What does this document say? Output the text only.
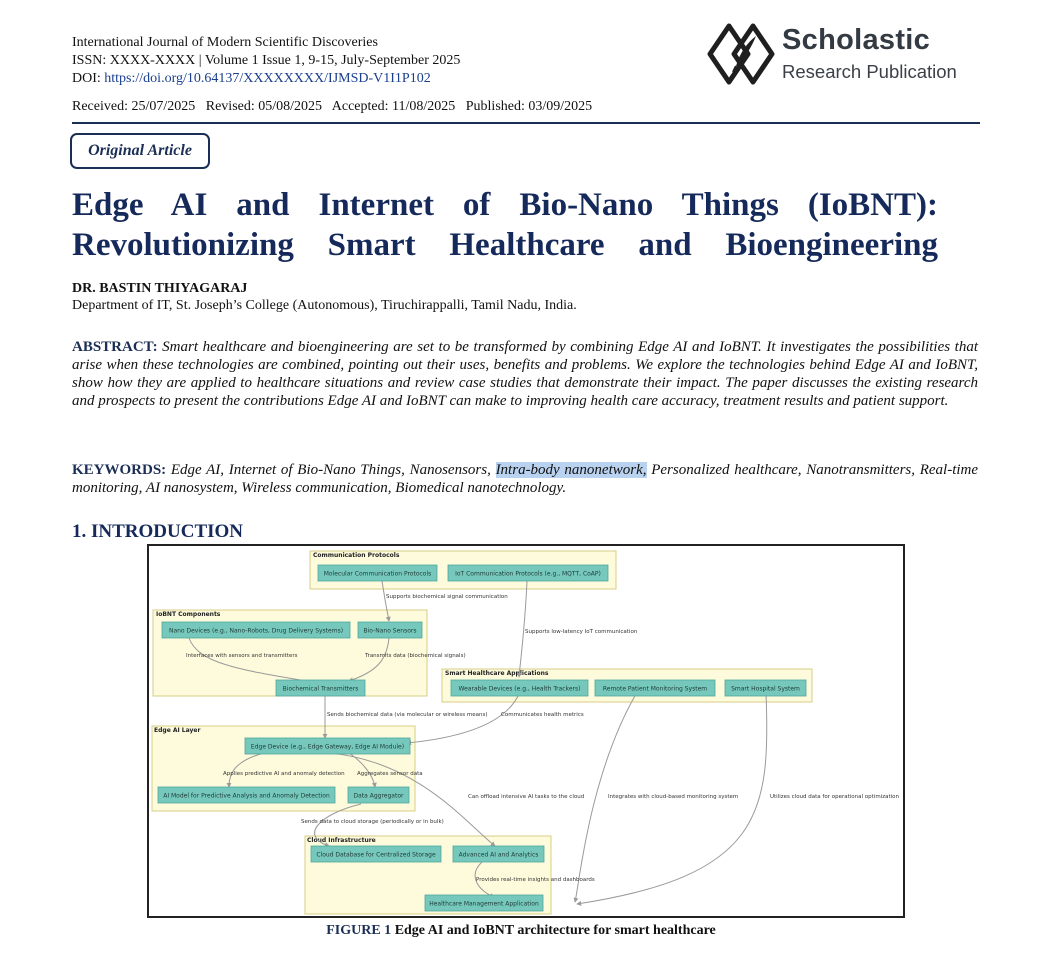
International Journal of Modern Scientific Discoveries
ISSN: XXXX-XXXX | Volume 1 Issue 1, 9-15, July-September 2025
DOI: https://doi.org/10.64137/XXXXXXXX/IJMSD-V1I1P102
Received: 25/07/2025   Revised: 05/08/2025   Accepted: 11/08/2025   Published: 03/09/2025
Scholastic
Research Publication
Original Article
Edge AI and Internet of Bio-Nano Things (IoBNT):
Revolutionizing Smart Healthcare and Bioengineering
DR. BASTIN THIYAGARAJ
Department of IT, St. Joseph’s College (Autonomous), Tiruchirappalli, Tamil Nadu, India.
ABSTRACT: Smart healthcare and bioengineering are set to be transformed by combining Edge AI and IoBNT. It investigates the possibilities that arise when these technologies are combined, pointing out their uses, benefits and problems. We explore the technologies behind Edge AI and IoBNT, show how they are applied to healthcare situations and review case studies that demonstrate their impact. The paper discusses the existing research and prospects to present the contributions Edge AI and IoBNT can make to improving health care accuracy, treatment results and patient support.
KEYWORDS: Edge AI, Internet of Bio-Nano Things, Nanosensors, Intra-body nanonetwork, Personalized healthcare, Nanotransmitters, Real-time monitoring, AI nanosystem, Wireless communication, Biomedical nanotechnology.
1. INTRODUCTION
Communication Protocols
IoBNT Components
Smart Healthcare Applications
Edge AI Layer
Cloud Infrastructure
Supports biochemical signal communication
Supports low-latency IoT communication
Interfaces with sensors and transmitters	Transmits data (biochemical signals)
Sends biochemical data (via molecular or wireless means) Communicates health metrics
Applies predictive AI and anomaly detection Aggregates sensor data
Can offload intensive AI tasks to the cloud	Integrates with cloud-based monitoring system	Utilizes cloud data for operational optimization
Sends data to cloud storage (periodically or in bulk)
Provides real-time insights and dashboards
Molecular Communication Protocols	IoT Communication Protocols (e.g., MQTT, CoAP)
Nano Devices (e.g., Nano-Robots, Drug Delivery Systems)	Bio-Nano Sensors
Biochemical Transmitters	Wearable Devices (e.g., Health Trackers)	Remote Patient Monitoring System	Smart Hospital System
Edge Device (e.g., Edge Gateway, Edge AI Module)
AI Model for Predictive Analysis and Anomaly Detection	Data Aggregator
Cloud Database for Centralized Storage	Advanced AI and Analytics
Healthcare Management Application
FIGURE 1 Edge AI and IoBNT architecture for smart healthcare
